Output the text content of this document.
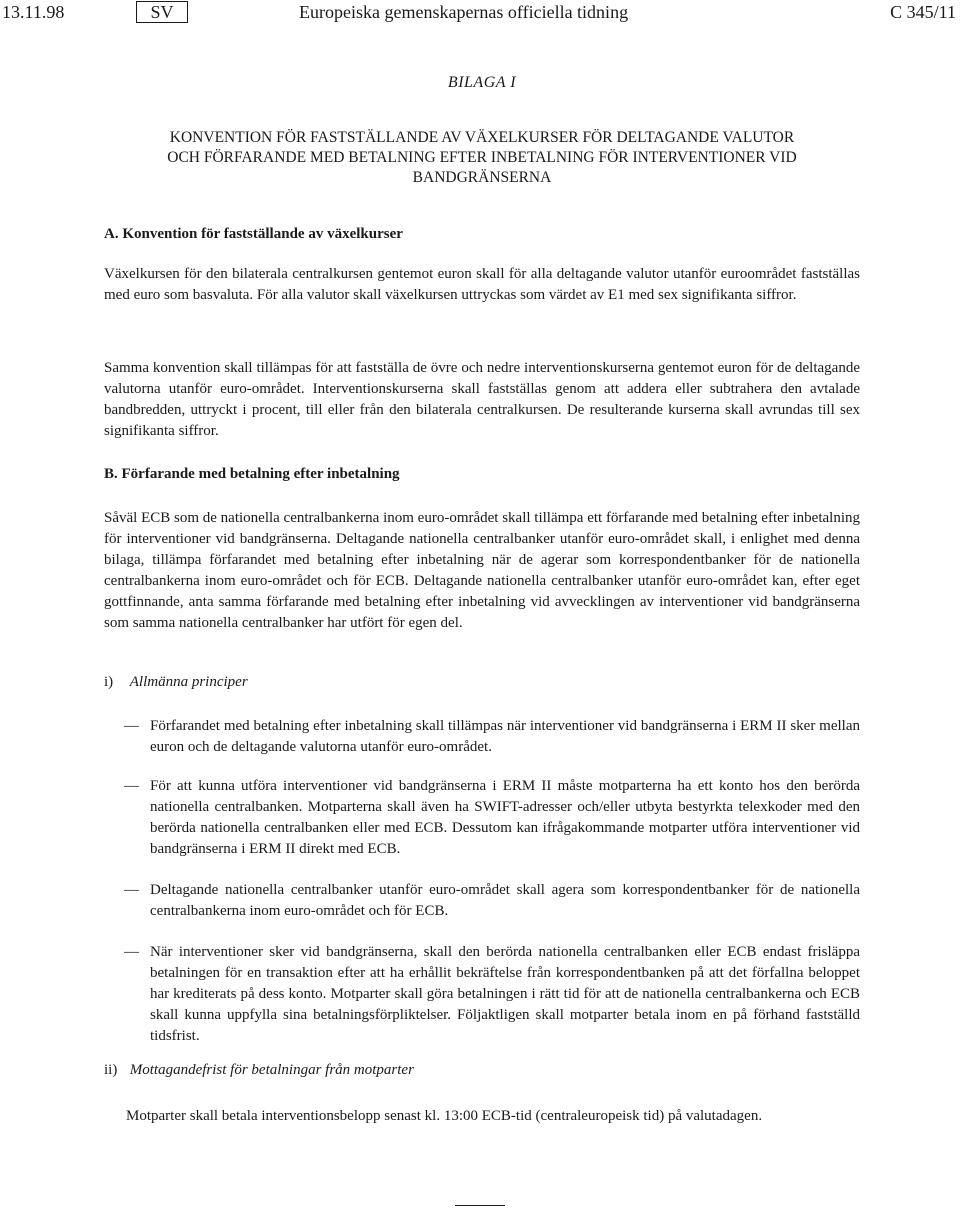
13.11.98	SV	Europeiska gemenskapernas officiella tidning	C 345/11
BILAGA I
KONVENTION FÖR FASTSTÄLLANDE AV VÄXELKURSER FÖR DELTAGANDE VALUTOR
OCH FÖRFARANDE MED BETALNING EFTER INBETALNING FÖR INTERVENTIONER VID
BANDGRÄNSERNA
A. Konvention för fastställande av växelkurser

Växelkursen för den bilaterala centralkursen gentemot euron skall för alla deltagande valutor utanför euroområdet fastställas med euro som basvaluta. För alla valutor skall växelkursen uttryckas som värdet av E1 med sex signifikanta siffror.

Samma konvention skall tillämpas för att fastställa de övre och nedre interventionskurserna gentemot euron för de deltagande valutorna utanför euro-området. Interventionskurserna skall fastställas genom att addera eller subtrahera den avtalade bandbredden, uttryckt i procent, till eller från den bilaterala centralkursen. De resulterande kurserna skall avrundas till sex signifikanta siffror.

B. Förfarande med betalning efter inbetalning

Såväl ECB som de nationella centralbankerna inom euro-området skall tillämpa ett förfarande med betalning efter inbetalning för interventioner vid bandgränserna. Deltagande nationella centralbanker utanför euro-området skall, i enlighet med denna bilaga, tillämpa förfarandet med betalning efter inbetalning när de agerar som korrespondentbanker för de nationella centralbankerna inom euro-området och för ECB. Deltagande nationella centralbanker utanför euro-området kan, efter eget gottfinnande, anta samma förfarande med betalning efter inbetalning vid avvecklingen av interventioner vid bandgränserna som samma nationella centralbanker har utfört för egen del.

i) Allmänna principer
— Förfarandet med betalning efter inbetalning skall tillämpas när interventioner vid bandgränserna i ERM II sker mellan euron och de deltagande valutorna utanför euro-området.
— För att kunna utföra interventioner vid bandgränserna i ERM II måste motparterna ha ett konto hos den berörda nationella centralbanken. Motparterna skall även ha SWIFT-adresser och/eller utbyta bestyrkta telexkoder med den berörda nationella centralbanken eller med ECB. Dessutom kan ifrågakommande motparter utföra interventioner vid bandgränserna i ERM II direkt med ECB.
— Deltagande nationella centralbanker utanför euro-området skall agera som korrespondentbanker för de nationella centralbankerna inom euro-området och för ECB.
— När interventioner sker vid bandgränserna, skall den berörda nationella centralbanken eller ECB endast frisläppa betalningen för en transaktion efter att ha erhållit bekräftelse från korrespondentbanken på att det förfallna beloppet har krediterats på dess konto. Motparter skall göra betalningen i rätt tid för att de nationella centralbankerna och ECB skall kunna uppfylla sina betalningsförpliktelser. Följaktligen skall motparter betala inom en på förhand fastställd tidsfrist.
ii) Mottagandefrist för betalningar från motparter
Motparter skall betala interventionsbelopp senast kl. 13:00 ECB-tid (centraleuropeisk tid) på valutadagen.
